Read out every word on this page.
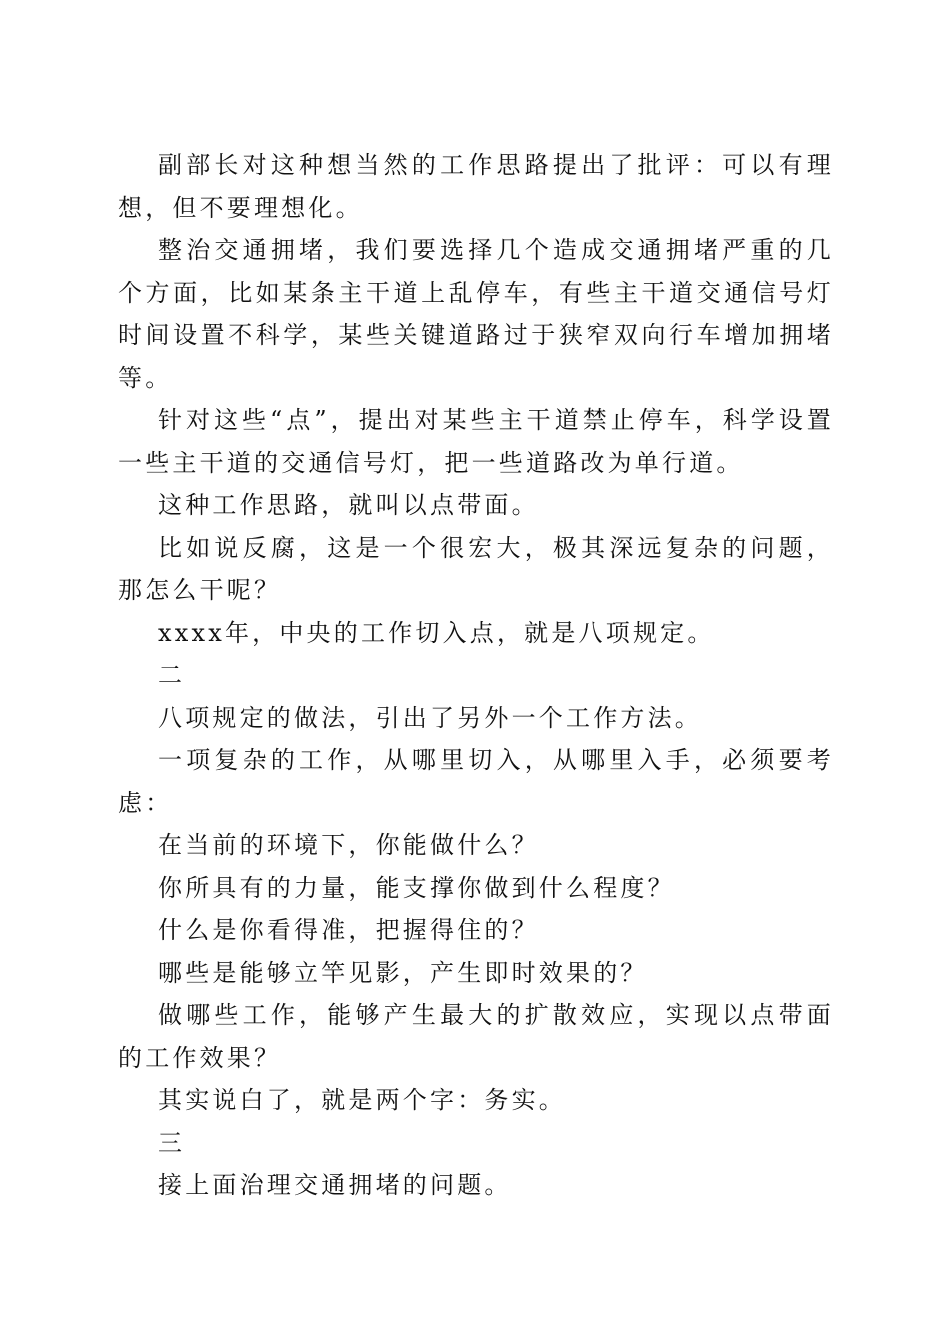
副部长对这种想当然的工作思路提出了批评：可以有理想，但不要理想化。

整治交通拥堵，我们要选择几个造成交通拥堵严重的几个方面，比如某条主干道上乱停车，有些主干道交通信号灯时间设置不科学，某些关键道路过于狭窄双向行车增加拥堵等。

针对这些“点”，提出对某些主干道禁止停车，科学设置一些主干道的交通信号灯，把一些道路改为单行道。

这种工作思路，就叫以点带面。

比如说反腐，这是一个很宏大，极其深远复杂的问题，那怎么干呢？

xxxx年，中央的工作切入点，就是八项规定。

二

八项规定的做法，引出了另外一个工作方法。

一项复杂的工作，从哪里切入，从哪里入手，必须要考虑：

在当前的环境下，你能做什么？

你所具有的力量，能支撑你做到什么程度？

什么是你看得准，把握得住的？

哪些是能够立竿见影，产生即时效果的？

做哪些工作，能够产生最大的扩散效应，实现以点带面的工作效果？

其实说白了，就是两个字：务实。

三

接上面治理交通拥堵的问题。
